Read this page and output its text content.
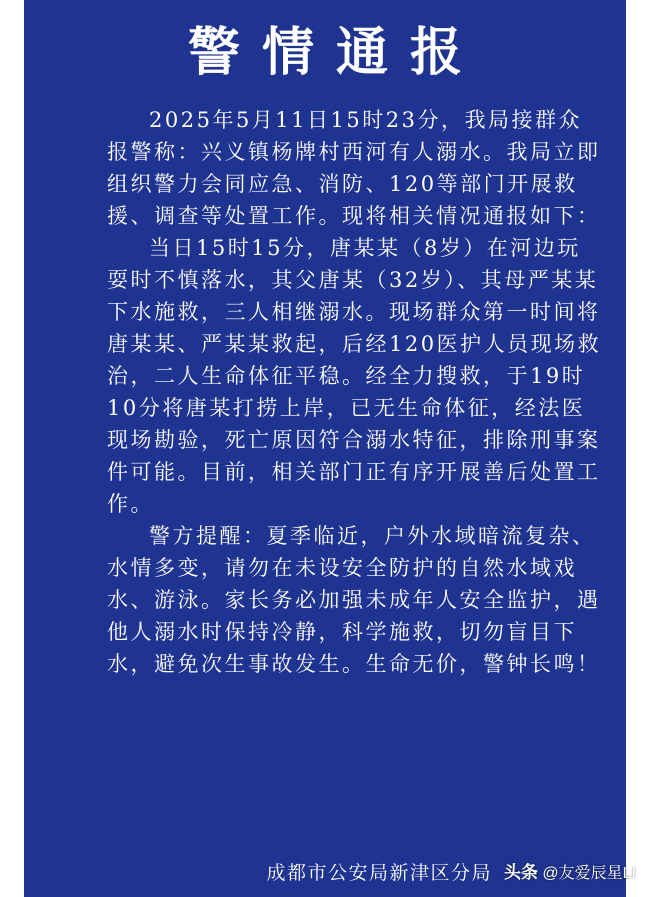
警情通报

2025年5月11日15时23分，我局接群众报警称：兴义镇杨牌村西河有人溺水。我局立即组织警力会同应急、消防、120等部门开展救援、调查等处置工作。现将相关情况通报如下：

当日15时15分，唐某某（8岁）在河边玩耍时不慎落水，其父唐某（32岁）、其母严某某下水施救，三人相继溺水。现场群众第一时间将唐某某、严某某救起，后经120医护人员现场救治，二人生命体征平稳。经全力搜救，于19时10分将唐某打捞上岸，已无生命体征，经法医现场勘验，死亡原因符合溺水特征，排除刑事案件可能。目前，相关部门正有序开展善后处置工作。

警方提醒：夏季临近，户外水域暗流复杂、水情多变，请勿在未设安全防护的自然水域戏水、游泳。家长务必加强未成年人安全监护，遇他人溺水时保持冷静，科学施救，切勿盲目下水，避免次生事故发生。生命无价，警钟长鸣！

成都市公安局新津区分局 头条 @友爱辰星LI
